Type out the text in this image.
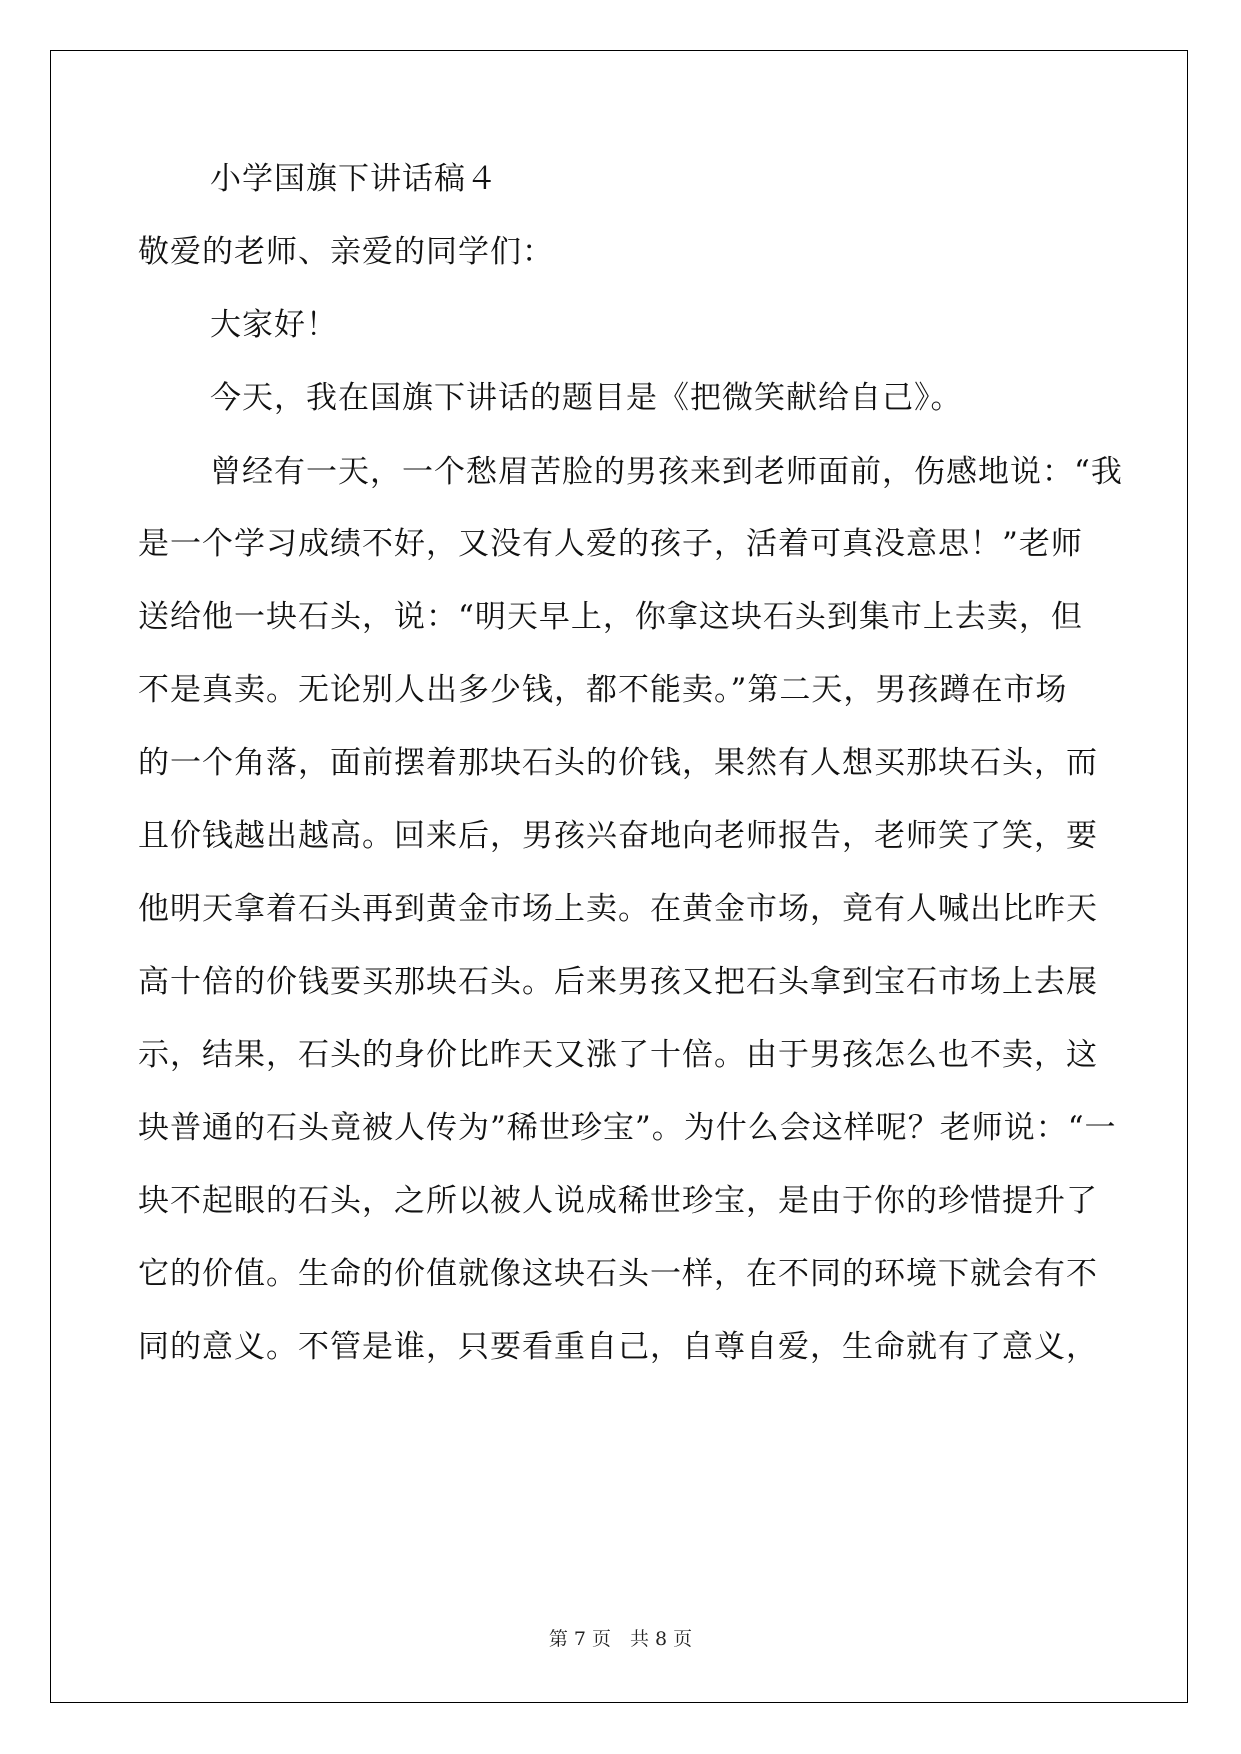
小学国旗下讲话稿４
敬爱的老师、亲爱的同学们：
大家好！
今天，我在国旗下讲话的题目是《把微笑献给自己》。
曾经有一天，一个愁眉苦脸的男孩来到老师面前，伤感地说：“我
是一个学习成绩不好，又没有人爱的孩子，活着可真没意思！”老师
送给他一块石头，说：“明天早上，你拿这块石头到集市上去卖，但
不是真卖。无论别人出多少钱，都不能卖。”第二天，男孩蹲在市场
的一个角落，面前摆着那块石头的价钱，果然有人想买那块石头，而
且价钱越出越高。回来后，男孩兴奋地向老师报告，老师笑了笑，要
他明天拿着石头再到黄金市场上卖。在黄金市场，竟有人喊出比昨天
高十倍的价钱要买那块石头。后来男孩又把石头拿到宝石市场上去展
示，结果，石头的身价比昨天又涨了十倍。由于男孩怎么也不卖，这
块普通的石头竟被人传为”稀世珍宝”。为什么会这样呢？老师说：“一
块不起眼的石头，之所以被人说成稀世珍宝，是由于你的珍惜提升了
它的价值。生命的价值就像这块石头一样，在不同的环境下就会有不
同的意义。不管是谁，只要看重自己，自尊自爱，生命就有了意义，
第 7 页　共 8 页
